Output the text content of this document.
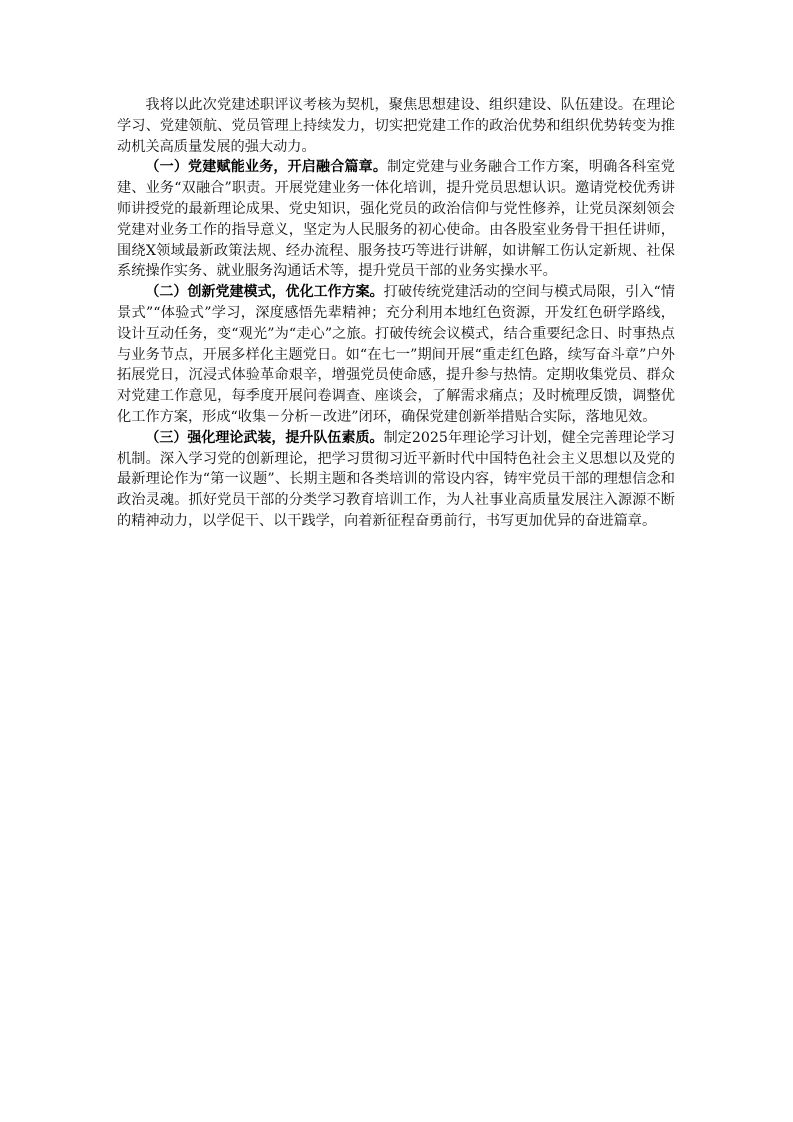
我将以此次党建述职评议考核为契机，聚焦思想建设、组织建设、队伍建设。在理论学习、党建领航、党员管理上持续发力，切实把党建工作的政治优势和组织优势转变为推动机关高质量发展的强大动力。

（一）党建赋能业务，开启融合篇章。制定党建与业务融合工作方案，明确各科室党建、业务“双融合”职责。开展党建业务一体化培训，提升党员思想认识。邀请党校优秀讲师讲授党的最新理论成果、党史知识，强化党员的政治信仰与党性修养，让党员深刻领会党建对业务工作的指导意义，坚定为人民服务的初心使命。由各股室业务骨干担任讲师，围绕X领域最新政策法规、经办流程、服务技巧等进行讲解，如讲解工伤认定新规、社保系统操作实务、就业服务沟通话术等，提升党员干部的业务实操水平。

（二）创新党建模式，优化工作方案。打破传统党建活动的空间与模式局限，引入“情景式”“体验式”学习，深度感悟先辈精神；充分利用本地红色资源，开发红色研学路线，设计互动任务，变“观光”为“走心”之旅。打破传统会议模式，结合重要纪念日、时事热点与业务节点，开展多样化主题党日。如“在七一”期间开展“重走红色路，续写奋斗章”户外拓展党日，沉浸式体验革命艰辛，增强党员使命感，提升参与热情。定期收集党员、群众对党建工作意见，每季度开展问卷调查、座谈会，了解需求痛点；及时梳理反馈，调整优化工作方案，形成“收集－分析－改进”闭环，确保党建创新举措贴合实际，落地见效。

（三）强化理论武装，提升队伍素质。制定2025年理论学习计划，健全完善理论学习机制。深入学习党的创新理论，把学习贯彻习近平新时代中国特色社会主义思想以及党的最新理论作为“第一议题”、长期主题和各类培训的常设内容，铸牢党员干部的理想信念和政治灵魂。抓好党员干部的分类学习教育培训工作，为人社事业高质量发展注入源源不断的精神动力，以学促干、以干践学，向着新征程奋勇前行，书写更加优异的奋进篇章。
